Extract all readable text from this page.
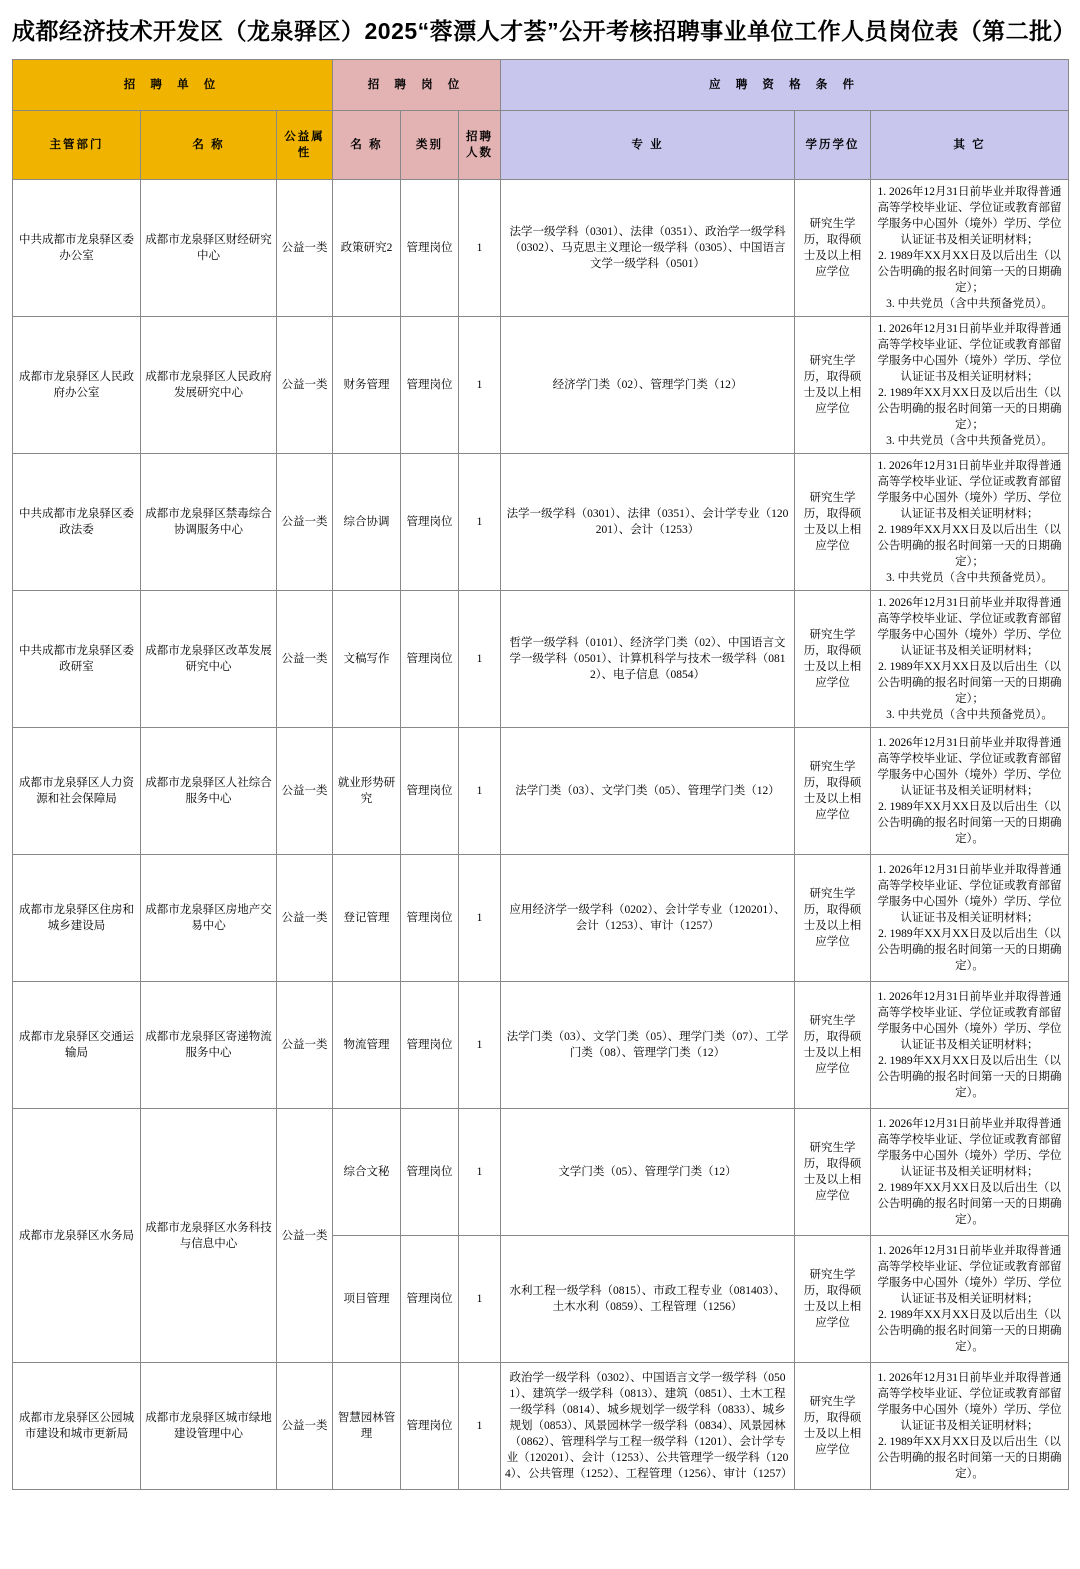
成都经济技术开发区（龙泉驿区）2025“蓉漂人才荟”公开考核招聘事业单位工作人员岗位表（第二批）
招 聘 单 位			招 聘 岗 位			应 聘 资 格 条 件		
主管部门	名 称	公益属性	名 称	类别	招聘人数	专 业	学历学位	其 它

中共成都市龙泉驿区委办公室	成都市龙泉驿区财经研究中心	公益一类	政策研究2	管理岗位	1	法学一级学科（0301）、法律（0351）、政治学一级学科（0302）、马克思主义理论一级学科（0305）、中国语言文学一级学科（0501）	研究生学历，取得硕士及以上相应学位	1. 2026年12月31日前毕业并取得普通高等学校毕业证、学位证或教育部留学服务中心国外（境外）学历、学位认证证书及相关证明材料；
2. 1989年XX月XX日及以后出生（以公告明确的报名时间第一天的日期确定）；
3. 中共党员（含中共预备党员）。

成都市龙泉驿区人民政府办公室	成都市龙泉驿区人民政府发展研究中心	公益一类	财务管理	管理岗位	1	经济学门类（02）、管理学门类（12）	研究生学历，取得硕士及以上相应学位	1. 2026年12月31日前毕业并取得普通高等学校毕业证、学位证或教育部留学服务中心国外（境外）学历、学位认证证书及相关证明材料；
2. 1989年XX月XX日及以后出生（以公告明确的报名时间第一天的日期确定）；
3. 中共党员（含中共预备党员）。

中共成都市龙泉驿区委政法委	成都市龙泉驿区禁毒综合协调服务中心	公益一类	综合协调	管理岗位	1	法学一级学科（0301）、法律（0351）、会计学专业（120201）、会计（1253）	研究生学历，取得硕士及以上相应学位	1. 2026年12月31日前毕业并取得普通高等学校毕业证、学位证或教育部留学服务中心国外（境外）学历、学位认证证书及相关证明材料；
2. 1989年XX月XX日及以后出生（以公告明确的报名时间第一天的日期确定）；
3. 中共党员（含中共预备党员）。

中共成都市龙泉驿区委政研室	成都市龙泉驿区改革发展研究中心	公益一类	文稿写作	管理岗位	1	哲学一级学科（0101）、经济学门类（02）、中国语言文学一级学科（0501）、计算机科学与技术一级学科（0812）、电子信息（0854）	研究生学历，取得硕士及以上相应学位	1. 2026年12月31日前毕业并取得普通高等学校毕业证、学位证或教育部留学服务中心国外（境外）学历、学位认证证书及相关证明材料；
2. 1989年XX月XX日及以后出生（以公告明确的报名时间第一天的日期确定）；
3. 中共党员（含中共预备党员）。

成都市龙泉驿区人力资源和社会保障局	成都市龙泉驿区人社综合服务中心	公益一类	就业形势研究	管理岗位	1	法学门类（03）、文学门类（05）、管理学门类（12）	研究生学历，取得硕士及以上相应学位	1. 2026年12月31日前毕业并取得普通高等学校毕业证、学位证或教育部留学服务中心国外（境外）学历、学位认证证书及相关证明材料；
2. 1989年XX月XX日及以后出生（以公告明确的报名时间第一天的日期确定）。

成都市龙泉驿区住房和城乡建设局	成都市龙泉驿区房地产交易中心	公益一类	登记管理	管理岗位	1	应用经济学一级学科（0202）、会计学专业（120201）、会计（1253）、审计（1257）	研究生学历，取得硕士及以上相应学位	1. 2026年12月31日前毕业并取得普通高等学校毕业证、学位证或教育部留学服务中心国外（境外）学历、学位认证证书及相关证明材料；
2. 1989年XX月XX日及以后出生（以公告明确的报名时间第一天的日期确定）。

成都市龙泉驿区交通运输局	成都市龙泉驿区寄递物流服务中心	公益一类	物流管理	管理岗位	1	法学门类（03）、文学门类（05）、理学门类（07）、工学门类（08）、管理学门类（12）	研究生学历，取得硕士及以上相应学位	1. 2026年12月31日前毕业并取得普通高等学校毕业证、学位证或教育部留学服务中心国外（境外）学历、学位认证证书及相关证明材料；
2. 1989年XX月XX日及以后出生（以公告明确的报名时间第一天的日期确定）。

成都市龙泉驿区水务局	成都市龙泉驿区水务科技与信息中心	公益一类	综合文秘	管理岗位	1	文学门类（05）、管理学门类（12）	研究生学历，取得硕士及以上相应学位	1. 2026年12月31日前毕业并取得普通高等学校毕业证、学位证或教育部留学服务中心国外（境外）学历、学位认证证书及相关证明材料；
2. 1989年XX月XX日及以后出生（以公告明确的报名时间第一天的日期确定）。

			项目管理	管理岗位	1	水利工程一级学科（0815）、市政工程专业（081403）、土木水利（0859）、工程管理（1256）	研究生学历，取得硕士及以上相应学位	1. 2026年12月31日前毕业并取得普通高等学校毕业证、学位证或教育部留学服务中心国外（境外）学历、学位认证证书及相关证明材料；
2. 1989年XX月XX日及以后出生（以公告明确的报名时间第一天的日期确定）。

成都市龙泉驿区公园城市建设和城市更新局	成都市龙泉驿区城市绿地建设管理中心	公益一类	智慧园林管理	管理岗位	1	政治学一级学科（0302）、中国语言文学一级学科（0501）、建筑学一级学科（0813）、建筑（0851）、土木工程一级学科（0814）、城乡规划学一级学科（0833）、城乡规划（0853）、风景园林学一级学科（0834）、风景园林（0862）、管理科学与工程一级学科（1201）、会计学专业（120201）、会计（1253）、公共管理学一级学科（1204）、公共管理（1252）、工程管理（1256）、审计（1257）	研究生学历，取得硕士及以上相应学位	1. 2026年12月31日前毕业并取得普通高等学校毕业证、学位证或教育部留学服务中心国外（境外）学历、学位认证证书及相关证明材料；
2. 1989年XX月XX日及以后出生（以公告明确的报名时间第一天的日期确定）。
